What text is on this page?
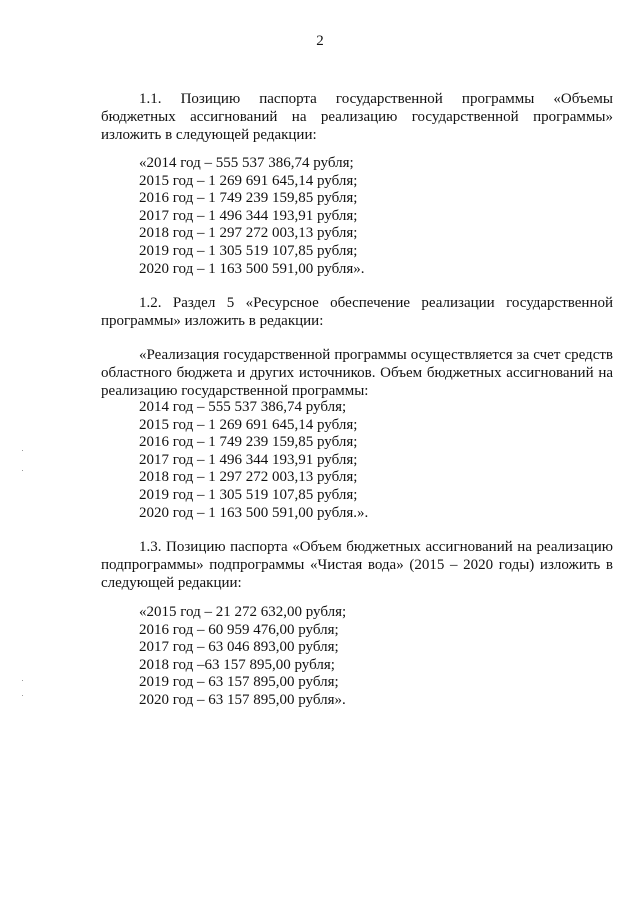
2

1.1. Позицию паспорта государственной программы «Объемы бюджетных ассигнований на реализацию государственной программы» изложить в следующей редакции:

«2014 год – 555 537 386,74 рубля;
2015 год – 1 269 691 645,14 рубля;
2016 год – 1 749 239 159,85 рубля;
2017 год – 1 496 344 193,91 рубля;
2018 год – 1 297 272 003,13 рубля;
2019 год – 1 305 519 107,85 рубля;
2020 год – 1 163 500 591,00 рубля».

1.2. Раздел 5 «Ресурсное обеспечение реализации государственной программы» изложить в редакции:

«Реализация государственной программы осуществляется за счет средств областного бюджета и других источников. Объем бюджетных ассигнований на реализацию государственной программы:

2014 год – 555 537 386,74 рубля;
2015 год – 1 269 691 645,14 рубля;
2016 год – 1 749 239 159,85 рубля;
2017 год – 1 496 344 193,91 рубля;
2018 год – 1 297 272 003,13 рубля;
2019 год – 1 305 519 107,85 рубля;
2020 год – 1 163 500 591,00 рубля.».

1.3. Позицию паспорта «Объем бюджетных ассигнований на реализацию подпрограммы» подпрограммы «Чистая вода» (2015 – 2020 годы) изложить в следующей редакции:

«2015 год – 21 272 632,00 рубля;
2016 год – 60 959 476,00 рубля;
2017 год – 63 046 893,00 рубля;
2018 год –63 157 895,00 рубля;
2019 год – 63 157 895,00 рубля;
2020 год – 63 157 895,00 рубля».
